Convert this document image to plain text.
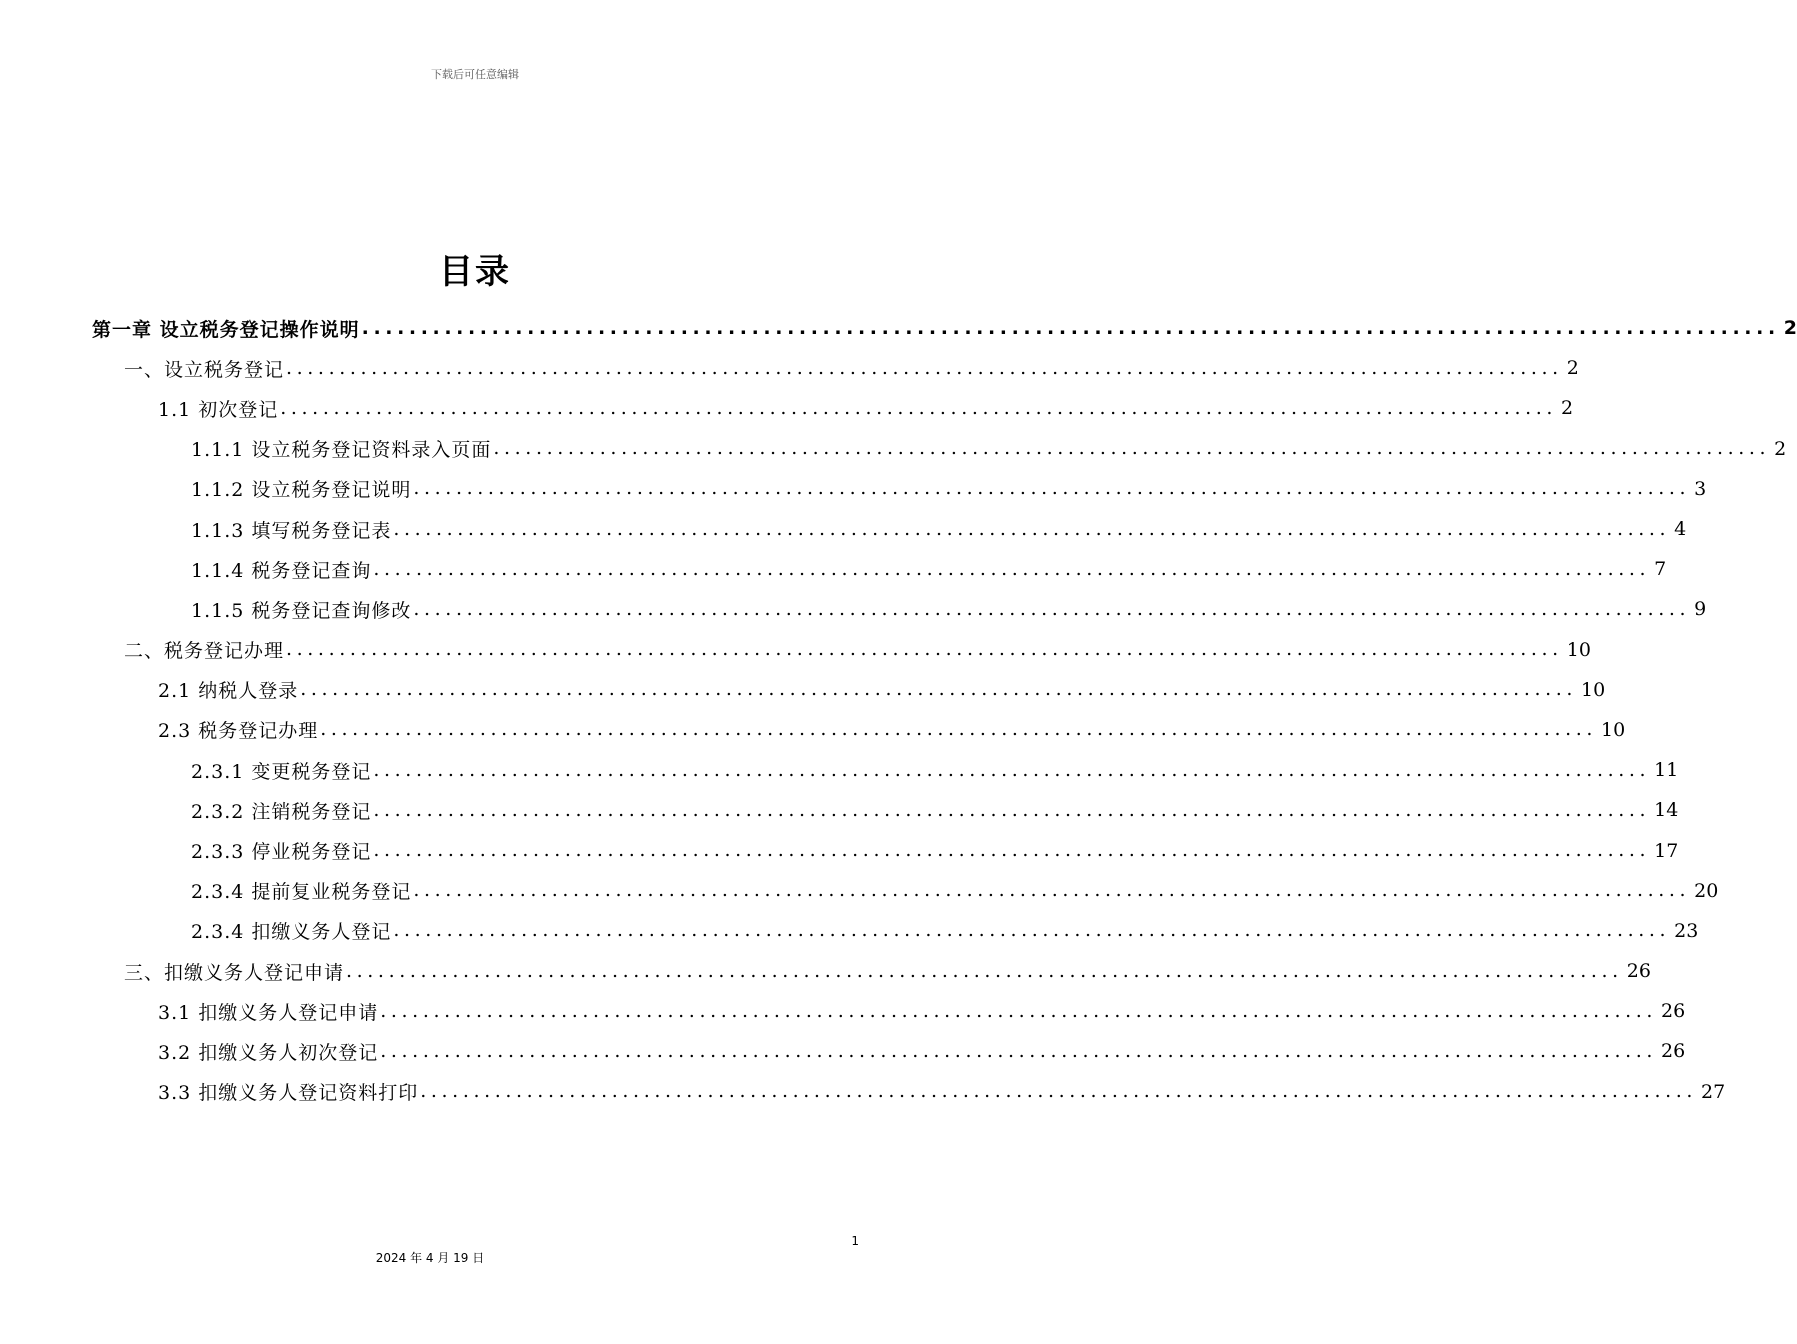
下载后可任意编辑
目录
第一章 设立税务登记操作说明 ........................................................................................................................ 2
一、设立税务登记 ........................................................................................................................ 2
1.1 初次登记 ........................................................................................................................ 2
1.1.1 设立税务登记资料录入页面 ........................................................................................................................ 2
1.1.2 设立税务登记说明 ........................................................................................................................ 3
1.1.3 填写税务登记表 ........................................................................................................................ 4
1.1.4 税务登记查询 ........................................................................................................................ 7
1.1.5 税务登记查询修改 ........................................................................................................................ 9
二、税务登记办理 ........................................................................................................................ 10
2.1 纳税人登录 ........................................................................................................................ 10
2.3 税务登记办理 ........................................................................................................................ 10
2.3.1 变更税务登记 ........................................................................................................................ 11
2.3.2 注销税务登记 ........................................................................................................................ 14
2.3.3 停业税务登记 ........................................................................................................................ 17
2.3.4 提前复业税务登记 ........................................................................................................................ 20
2.3.4 扣缴义务人登记 ........................................................................................................................ 23
三、扣缴义务人登记申请 ........................................................................................................................ 26
3.1 扣缴义务人登记申请 ........................................................................................................................ 26
3.2 扣缴义务人初次登记 ........................................................................................................................ 26
3.3 扣缴义务人登记资料打印 ........................................................................................................................ 27
1
2024 年 4 月 19 日
